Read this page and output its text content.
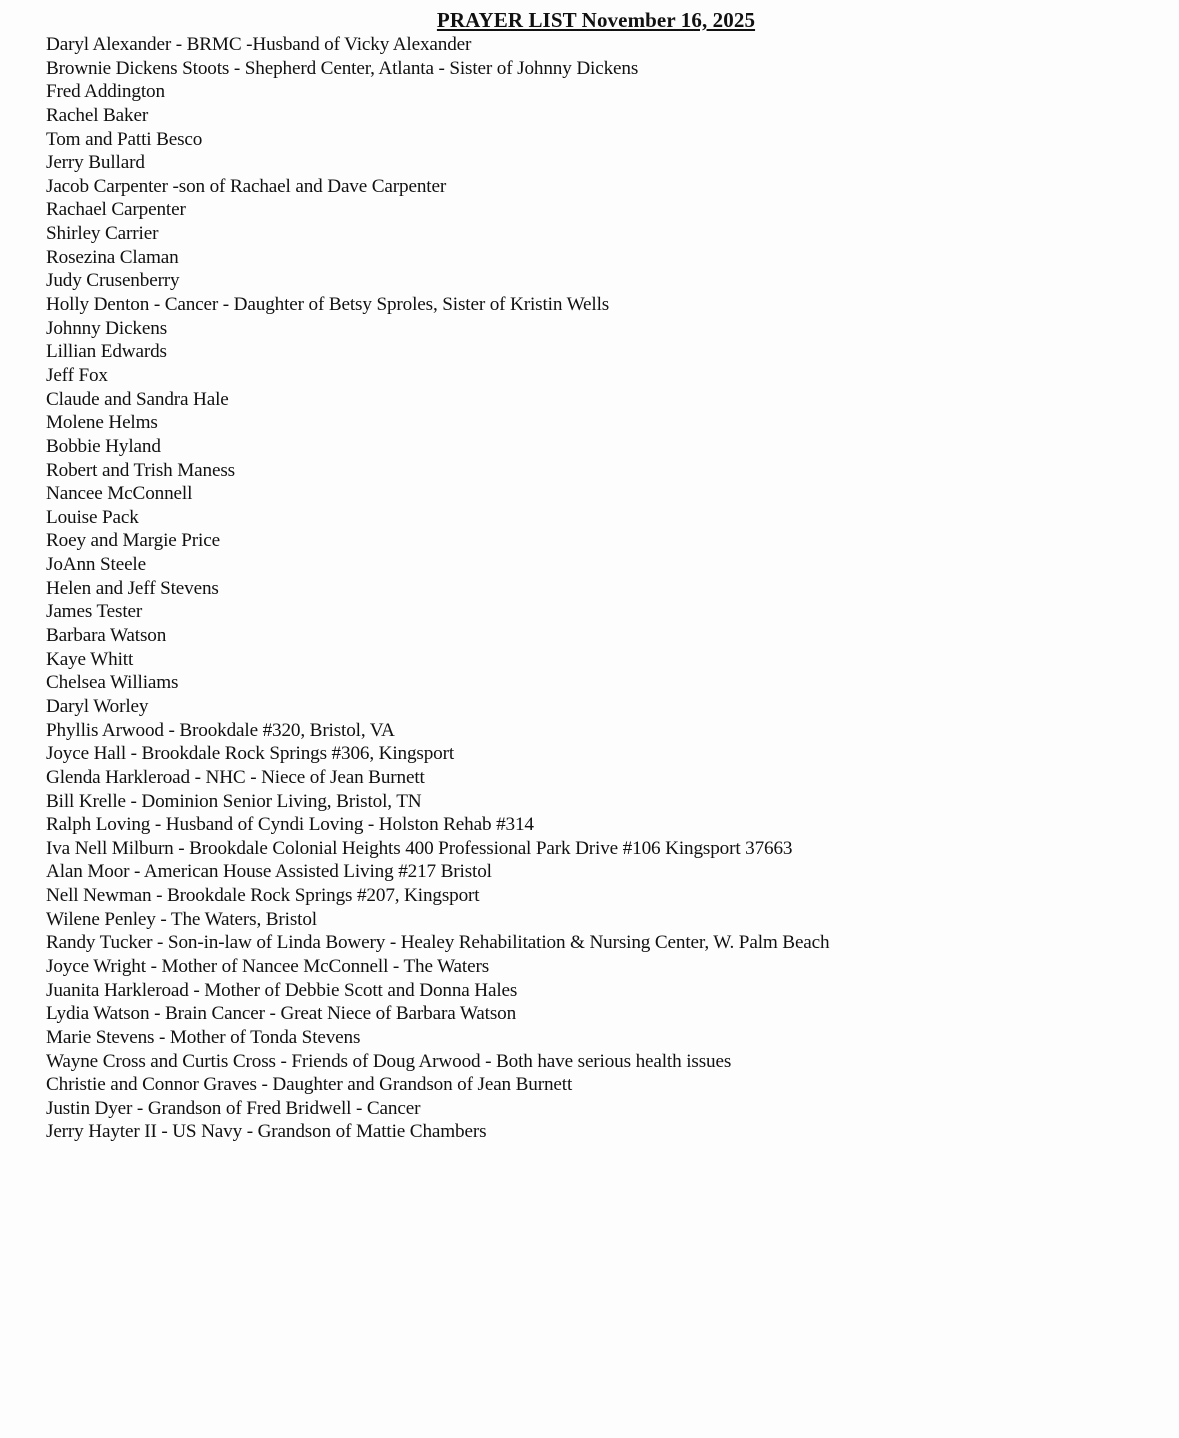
PRAYER LIST November 16, 2025
Daryl Alexander - BRMC -Husband of Vicky Alexander
Brownie Dickens Stoots - Shepherd Center, Atlanta - Sister of Johnny Dickens
Fred Addington
Rachel Baker
Tom and Patti Besco
Jerry Bullard
Jacob Carpenter -son of Rachael and Dave Carpenter
Rachael Carpenter
Shirley Carrier
Rosezina Claman
Judy Crusenberry
Holly Denton - Cancer - Daughter of Betsy Sproles, Sister of Kristin Wells
Johnny Dickens
Lillian Edwards
Jeff Fox
Claude and Sandra Hale
Molene Helms
Bobbie Hyland
Robert and Trish Maness
Nancee McConnell
Louise Pack
Roey and Margie Price
JoAnn Steele
Helen and Jeff Stevens
James Tester
Barbara Watson
Kaye Whitt
Chelsea Williams
Daryl Worley
Phyllis Arwood - Brookdale #320, Bristol, VA
Joyce Hall - Brookdale Rock Springs #306, Kingsport
Glenda Harkleroad - NHC - Niece of Jean Burnett
Bill Krelle - Dominion Senior Living, Bristol, TN
Ralph Loving - Husband of Cyndi Loving - Holston Rehab #314
Iva Nell Milburn - Brookdale Colonial Heights 400 Professional Park Drive #106 Kingsport 37663
Alan Moor - American House Assisted Living #217 Bristol
Nell Newman - Brookdale Rock Springs #207, Kingsport
Wilene Penley - The Waters, Bristol
Randy Tucker - Son-in-law of Linda Bowery - Healey Rehabilitation & Nursing Center, W. Palm Beach
Joyce Wright - Mother of Nancee McConnell - The Waters
Juanita Harkleroad - Mother of Debbie Scott and Donna Hales
Lydia Watson - Brain Cancer - Great Niece of Barbara Watson
Marie Stevens - Mother of Tonda Stevens
Wayne Cross and Curtis Cross - Friends of Doug Arwood - Both have serious health issues
Christie and Connor Graves - Daughter and Grandson of Jean Burnett
Justin Dyer - Grandson of Fred Bridwell - Cancer
Jerry Hayter II - US Navy - Grandson of Mattie Chambers
